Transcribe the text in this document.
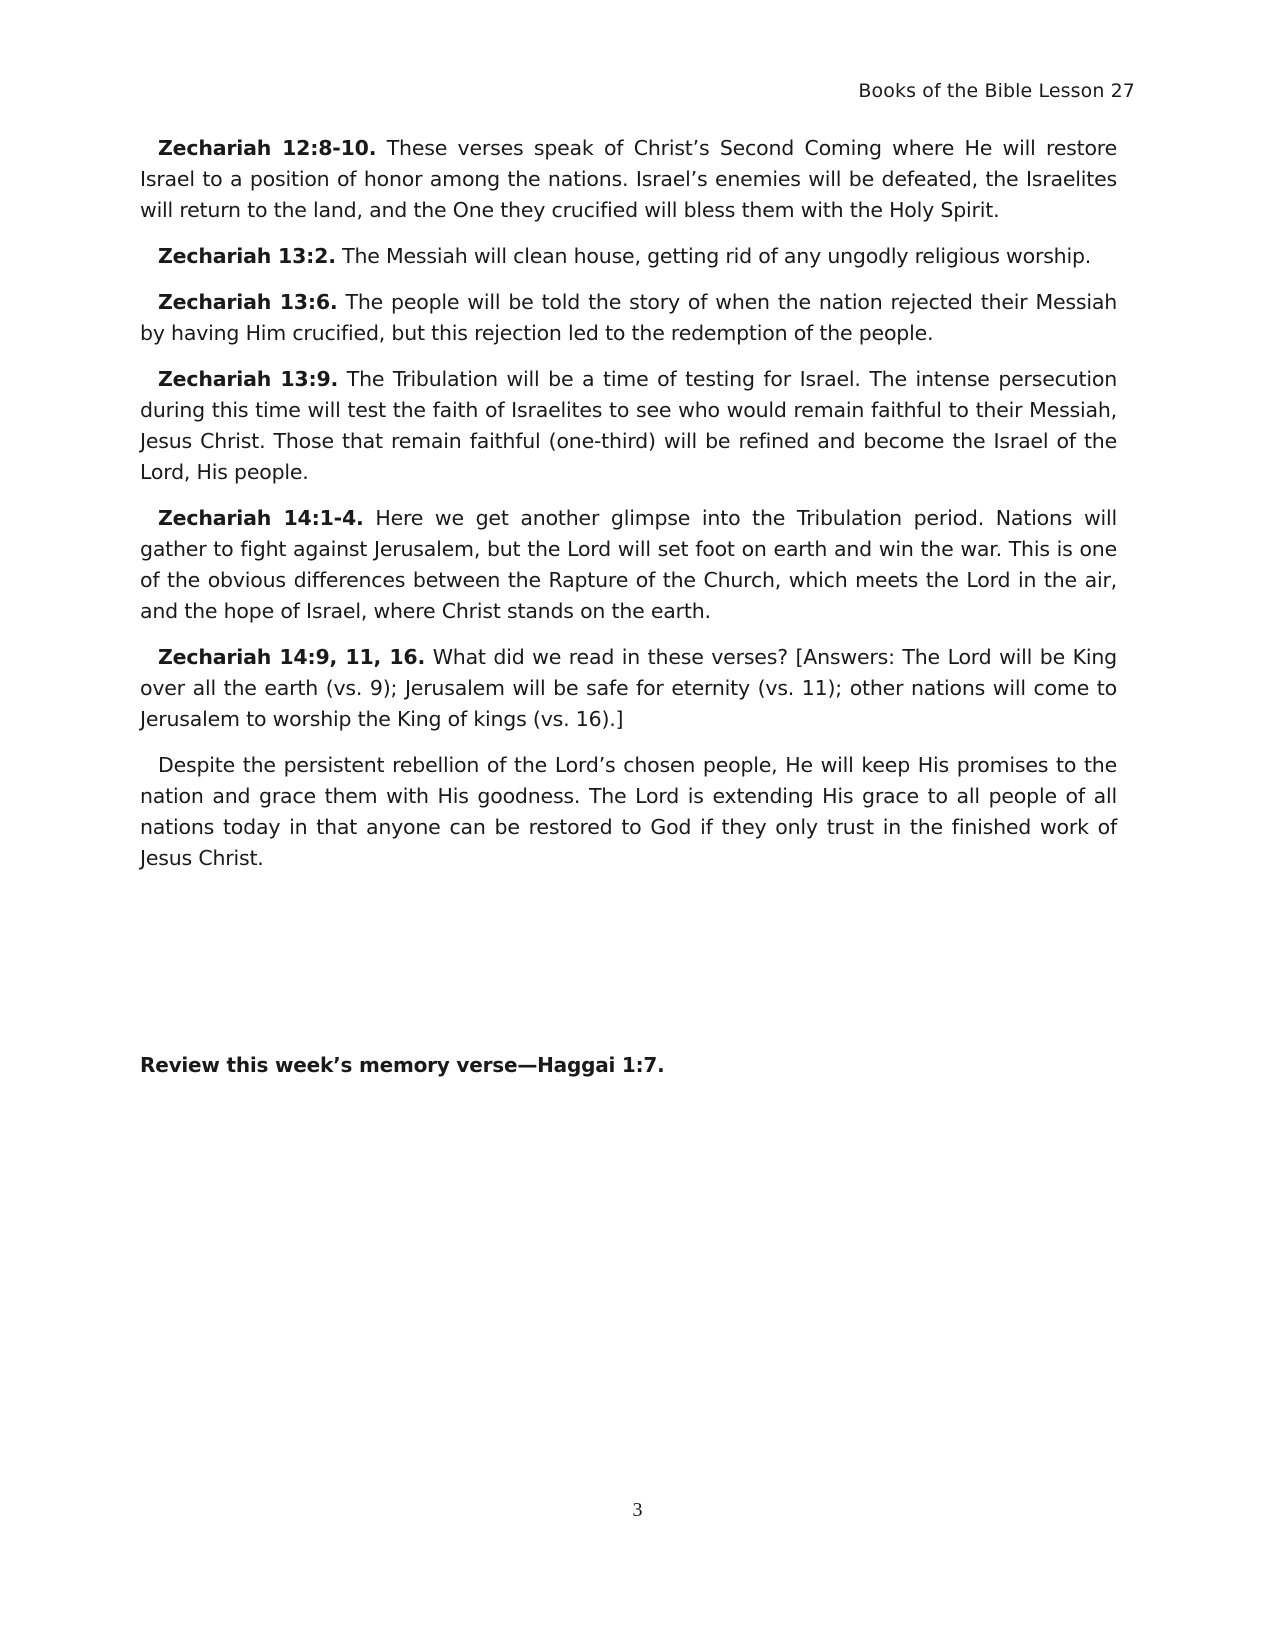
Books of the Bible Lesson 27

Zechariah 12:8-10. These verses speak of Christ’s Second Coming where He will restore Israel to a position of honor among the nations. Israel’s enemies will be defeated, the Israelites will return to the land, and the One they crucified will bless them with the Holy Spirit.

Zechariah 13:2. The Messiah will clean house, getting rid of any ungodly religious worship.

Zechariah 13:6. The people will be told the story of when the nation rejected their Messiah by having Him crucified, but this rejection led to the redemption of the people.

Zechariah 13:9. The Tribulation will be a time of testing for Israel. The intense persecution during this time will test the faith of Israelites to see who would remain faithful to their Messiah, Jesus Christ. Those that remain faithful (one-third) will be refined and become the Israel of the Lord, His people.

Zechariah 14:1-4. Here we get another glimpse into the Tribulation period. Nations will gather to fight against Jerusalem, but the Lord will set foot on earth and win the war. This is one of the obvious differences between the Rapture of the Church, which meets the Lord in the air, and the hope of Israel, where Christ stands on the earth.

Zechariah 14:9, 11, 16. What did we read in these verses? [Answers: The Lord will be King over all the earth (vs. 9); Jerusalem will be safe for eternity (vs. 11); other nations will come to Jerusalem to worship the King of kings (vs. 16).]

Despite the persistent rebellion of the Lord’s chosen people, He will keep His promises to the nation and grace them with His goodness. The Lord is extending His grace to all people of all nations today in that anyone can be restored to God if they only trust in the finished work of Jesus Christ.

Review this week’s memory verse—Haggai 1:7.
3
